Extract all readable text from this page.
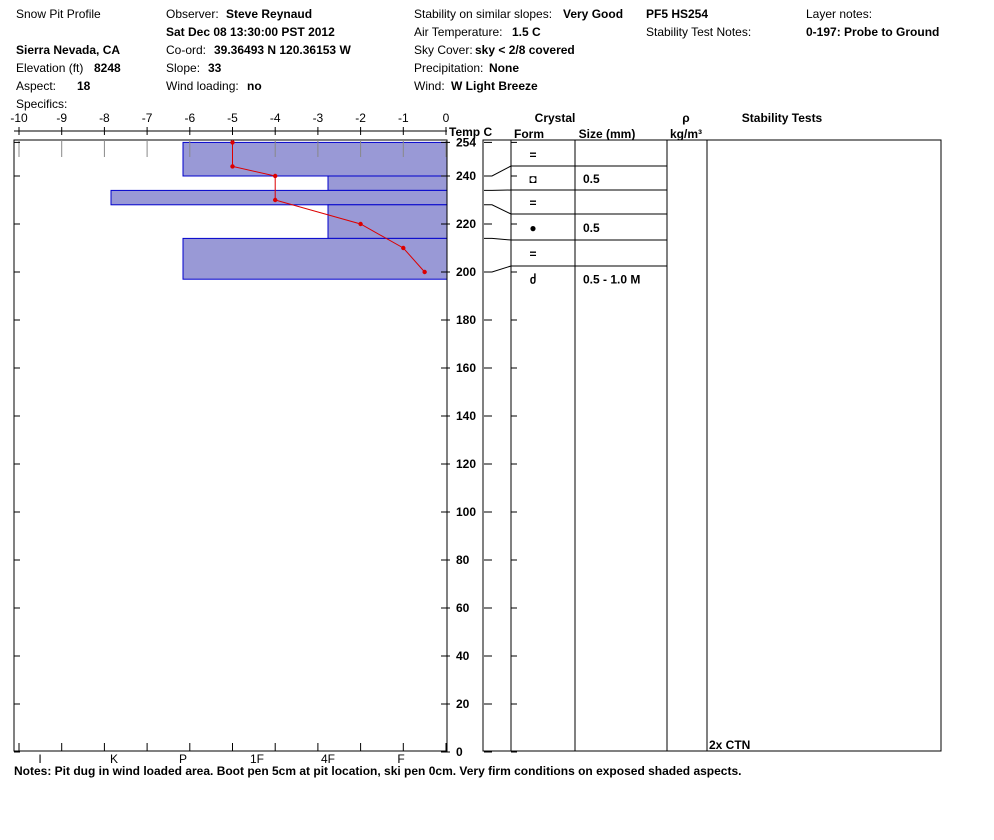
Snow Pit Profile
Sierra Nevada, CA
Elevation (ft) 8248
Aspect: 18
Specifics:
Observer: Steve Reynaud
Sat Dec 08 13:30:00 PST 2012
Co-ord: 39.36493 N 120.36153 W
Slope: 33
Wind loading: no
Stability on similar slopes: Very Good
Air Temperature: 1.5 C
Sky Cover: sky < 2/8 covered
Precipitation: None
Wind: W Light Breeze
PF5 HS254
Stability Test Notes:
Layer notes:
0-197: Probe to Ground
-10 -9	-8	-7	-6	-5	-4	-3	-2	-1	0
Temp C
I	K	P	1F	4F	F
254
240
220
200
180
160
140
120
100
80
60
40
20
0
Crystal
Form	Size (mm)
ρ
kg/m³
Stability Tests
=
◘	0.5
=
●	0.5
=
ძ	0.5 - 1.0 M
2x CTN
Notes: Pit dug in wind loaded area. Boot pen 5cm at pit location, ski pen 0cm. Very firm conditions on exposed shaded aspects.
